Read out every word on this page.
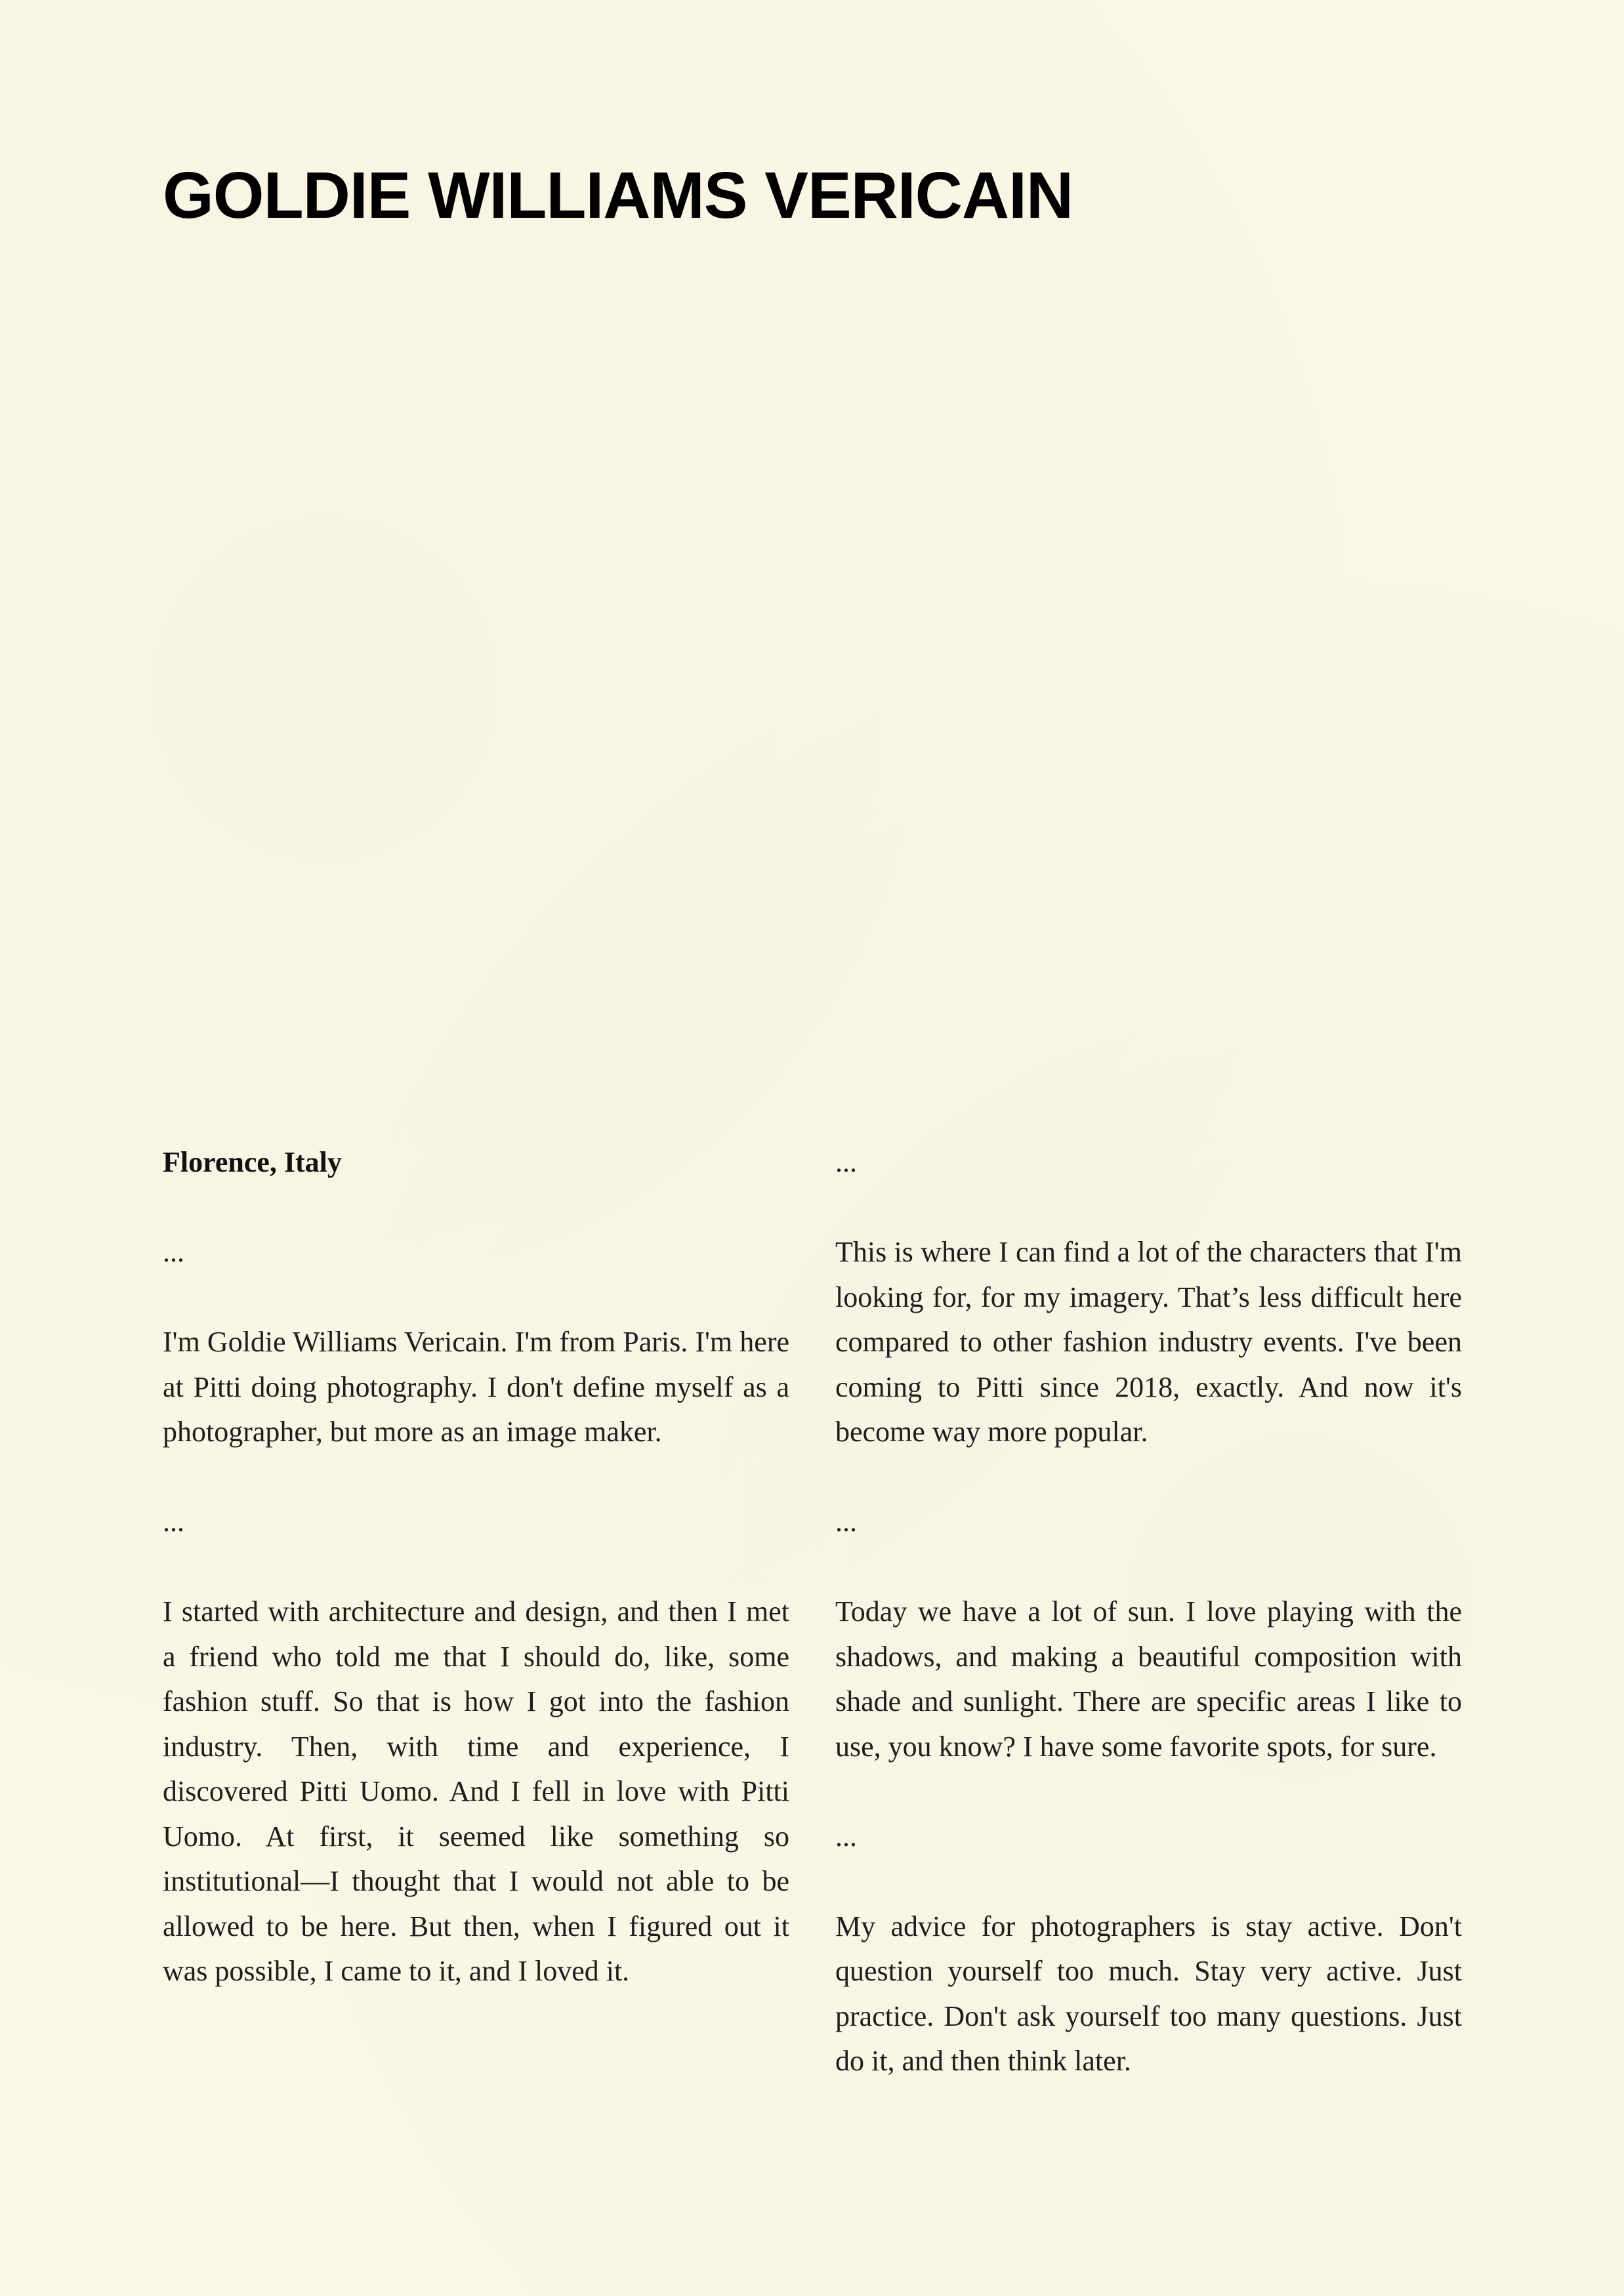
GOLDIE WILLIAMS VERICAIN

Florence, Italy

...

I'm Goldie Williams Vericain. I'm from Paris. I'm here at Pitti doing photography. I don't define myself as a photographer, but more as an image maker.

...

I started with architecture and design, and then I met a friend who told me that I should do, like, some fashion stuff. So that is how I got into the fashion industry. Then, with time and experience, I discovered Pitti Uomo. And I fell in love with Pitti Uomo. At first, it seemed like something so institutional—I thought that I would not able to be allowed to be here. But then, when I figured out it was possible, I came to it, and I loved it.

...

This is where I can find a lot of the characters that I'm looking for, for my imagery. That’s less difficult here compared to other fashion industry events. I've been coming to Pitti since 2018, exactly. And now it's become way more popular.

...

Today we have a lot of sun. I love playing with the shadows, and making a beautiful composition with shade and sunlight. There are specific areas I like to use, you know? I have some favorite spots, for sure.

...

My advice for photographers is stay active. Don't question yourself too much. Stay very active. Just practice. Don't ask yourself too many questions. Just do it, and then think later.
